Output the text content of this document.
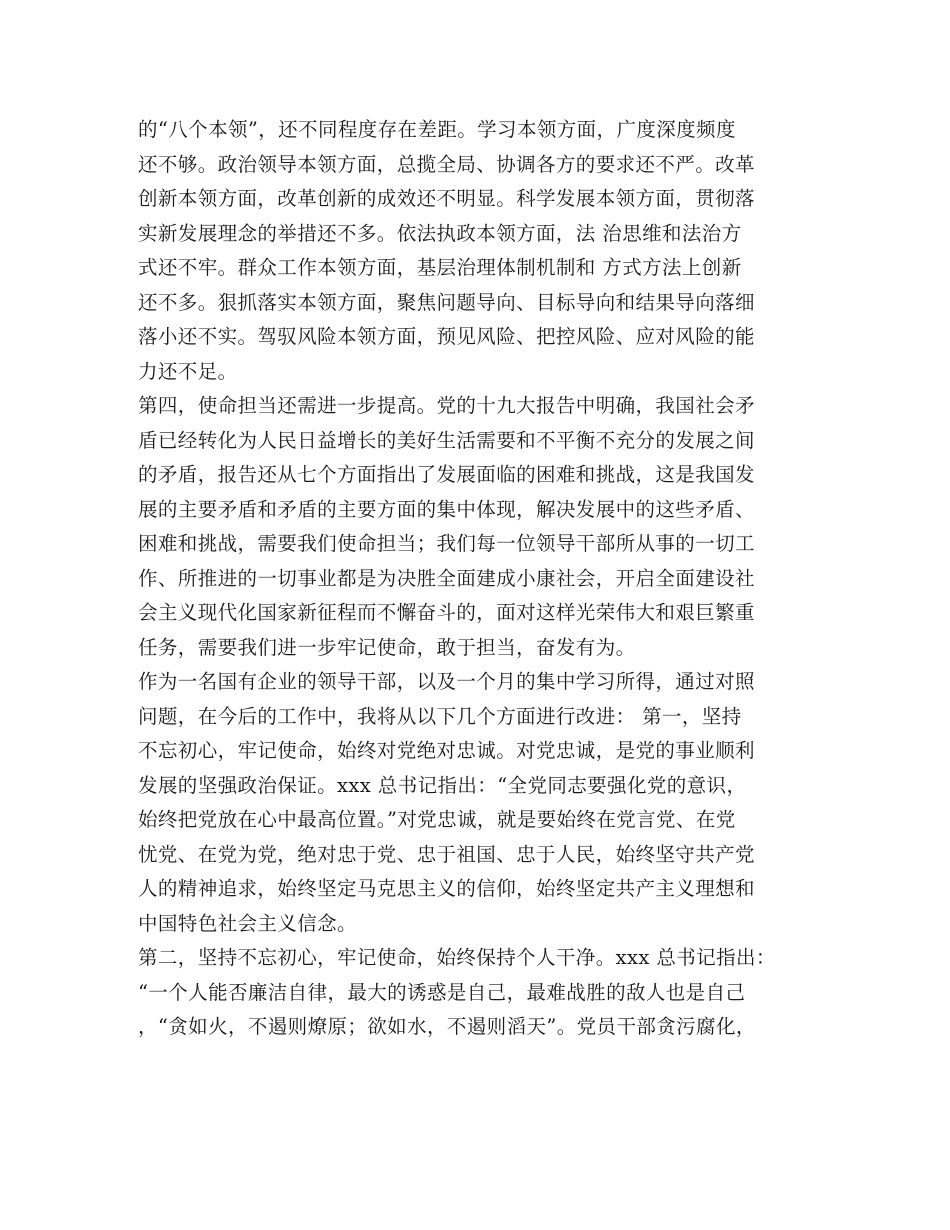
的“八个本领”，还不同程度存在差距。学习本领方面，广度深度频度
还不够。政治领导本领方面，总揽全局、协调各方的要求还不严。改革
创新本领方面，改革创新的成效还不明显。科学发展本领方面，贯彻落
实新发展理念的举措还不多。依法执政本领方面，法 治思维和法治方
式还不牢。群众工作本领方面，基层治理体制机制和 方式方法上创新
还不多。狠抓落实本领方面，聚焦问题导向、目标导向和结果导向落细
落小还不实。驾驭风险本领方面，预见风险、把控风险、应对风险的能
力还不足。
第四，使命担当还需进一步提高。党的十九大报告中明确，我国社会矛
盾已经转化为人民日益增长的美好生活需要和不平衡不充分的发展之间
的矛盾，报告还从七个方面指出了发展面临的困难和挑战，这是我国发
展的主要矛盾和矛盾的主要方面的集中体现，解决发展中的这些矛盾、
困难和挑战，需要我们使命担当；我们每一位领导干部所从事的一切工
作、所推进的一切事业都是为决胜全面建成小康社会，开启全面建设社
会主义现代化国家新征程而不懈奋斗的，面对这样光荣伟大和艰巨繁重
任务，需要我们进一步牢记使命，敢于担当，奋发有为。
作为一名国有企业的领导干部，以及一个月的集中学习所得，通过对照
问题，在今后的工作中，我将从以下几个方面进行改进： 第一，坚持
不忘初心，牢记使命，始终对党绝对忠诚。对党忠诚，是党的事业顺利
发展的坚强政治保证。xxx 总书记指出：“全党同志要强化党的意识，
始终把党放在心中最高位置。”对党忠诚，就是要始终在党言党、在党
忧党、在党为党，绝对忠于党、忠于祖国、忠于人民，始终坚守共产党
人的精神追求，始终坚定马克思主义的信仰，始终坚定共产主义理想和
中国特色社会主义信念。
第二，坚持不忘初心，牢记使命，始终保持个人干净。xxx 总书记指出：
“一个人能否廉洁自律，最大的诱惑是自己，最难战胜的敌人也是自己
，“贪如火，不遏则燎原；欲如水，不遏则滔天”。党员干部贪污腐化，
